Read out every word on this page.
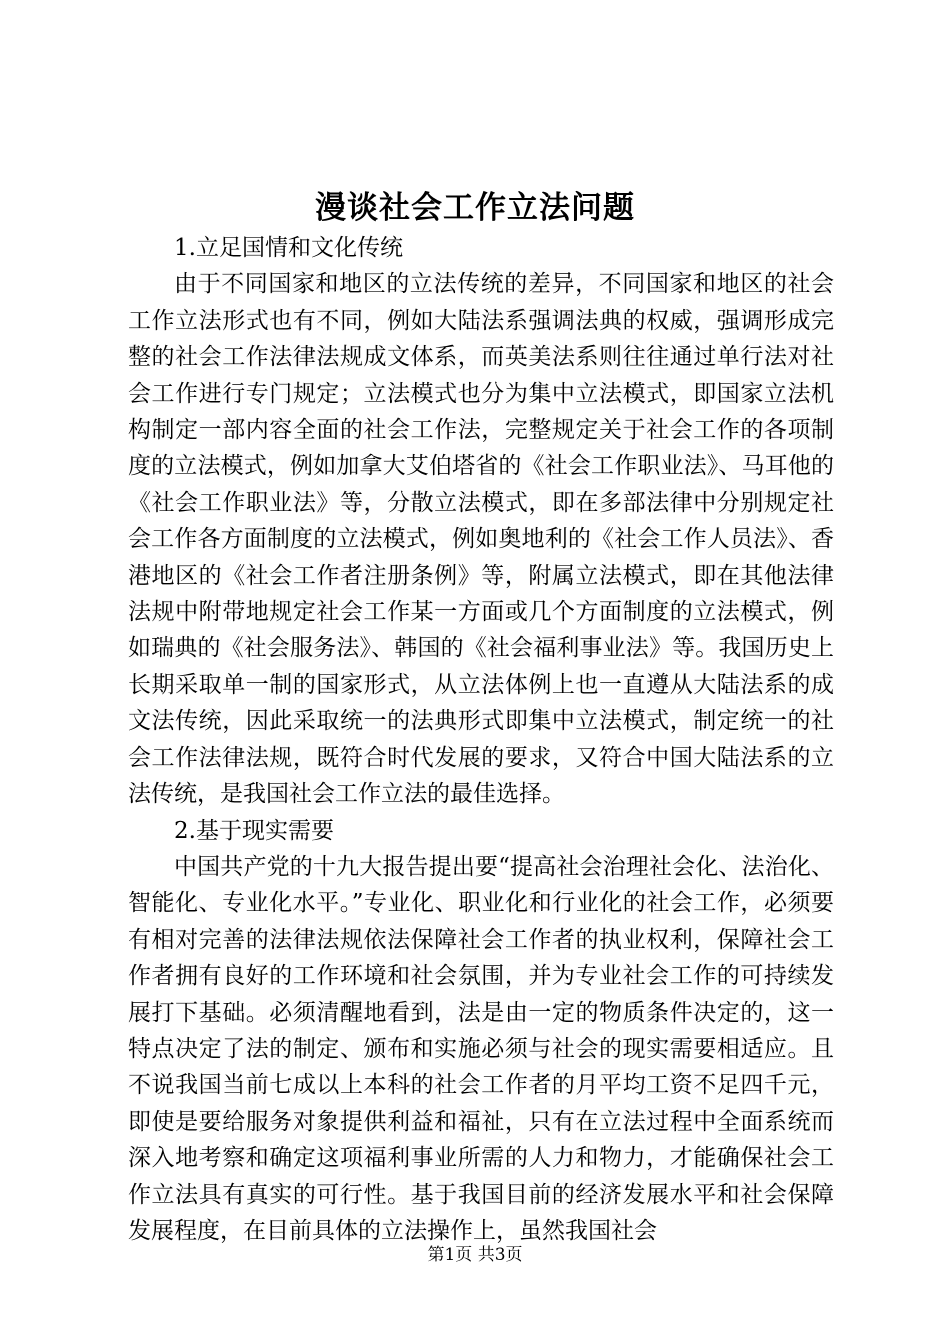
漫谈社会工作立法问题

1.立足国情和文化传统

由于不同国家和地区的立法传统的差异，不同国家和地区的社会工作立法形式也有不同，例如大陆法系强调法典的权威，强调形成完整的社会工作法律法规成文体系，而英美法系则往往通过单行法对社会工作进行专门规定；立法模式也分为集中立法模式，即国家立法机构制定一部内容全面的社会工作法，完整规定关于社会工作的各项制度的立法模式，例如加拿大艾伯塔省的《社会工作职业法》、马耳他的《社会工作职业法》等，分散立法模式，即在多部法律中分别规定社会工作各方面制度的立法模式，例如奥地利的《社会工作人员法》、香港地区的《社会工作者注册条例》等，附属立法模式，即在其他法律法规中附带地规定社会工作某一方面或几个方面制度的立法模式，例如瑞典的《社会服务法》、韩国的《社会福利事业法》等。我国历史上长期采取单一制的国家形式，从立法体例上也一直遵从大陆法系的成文法传统，因此采取统一的法典形式即集中立法模式，制定统一的社会工作法律法规，既符合时代发展的要求，又符合中国大陆法系的立法传统，是我国社会工作立法的最佳选择。

2.基于现实需要

中国共产党的十九大报告提出要“提高社会治理社会化、法治化、智能化、专业化水平。”专业化、职业化和行业化的社会工作，必须要有相对完善的法律法规依法保障社会工作者的执业权利，保障社会工作者拥有良好的工作环境和社会氛围，并为专业社会工作的可持续发展打下基础。必须清醒地看到，法是由一定的物质条件决定的，这一特点决定了法的制定、颁布和实施必须与社会的现实需要相适应。且不说我国当前七成以上本科的社会工作者的月平均工资不足四千元，即使是要给服务对象提供利益和福祉，只有在立法过程中全面系统而深入地考察和确定这项福利事业所需的人力和物力，才能确保社会工作立法具有真实的可行性。基于我国目前的经济发展水平和社会保障发展程度，在目前具体的立法操作上，虽然我国社会

第1页 共3页
